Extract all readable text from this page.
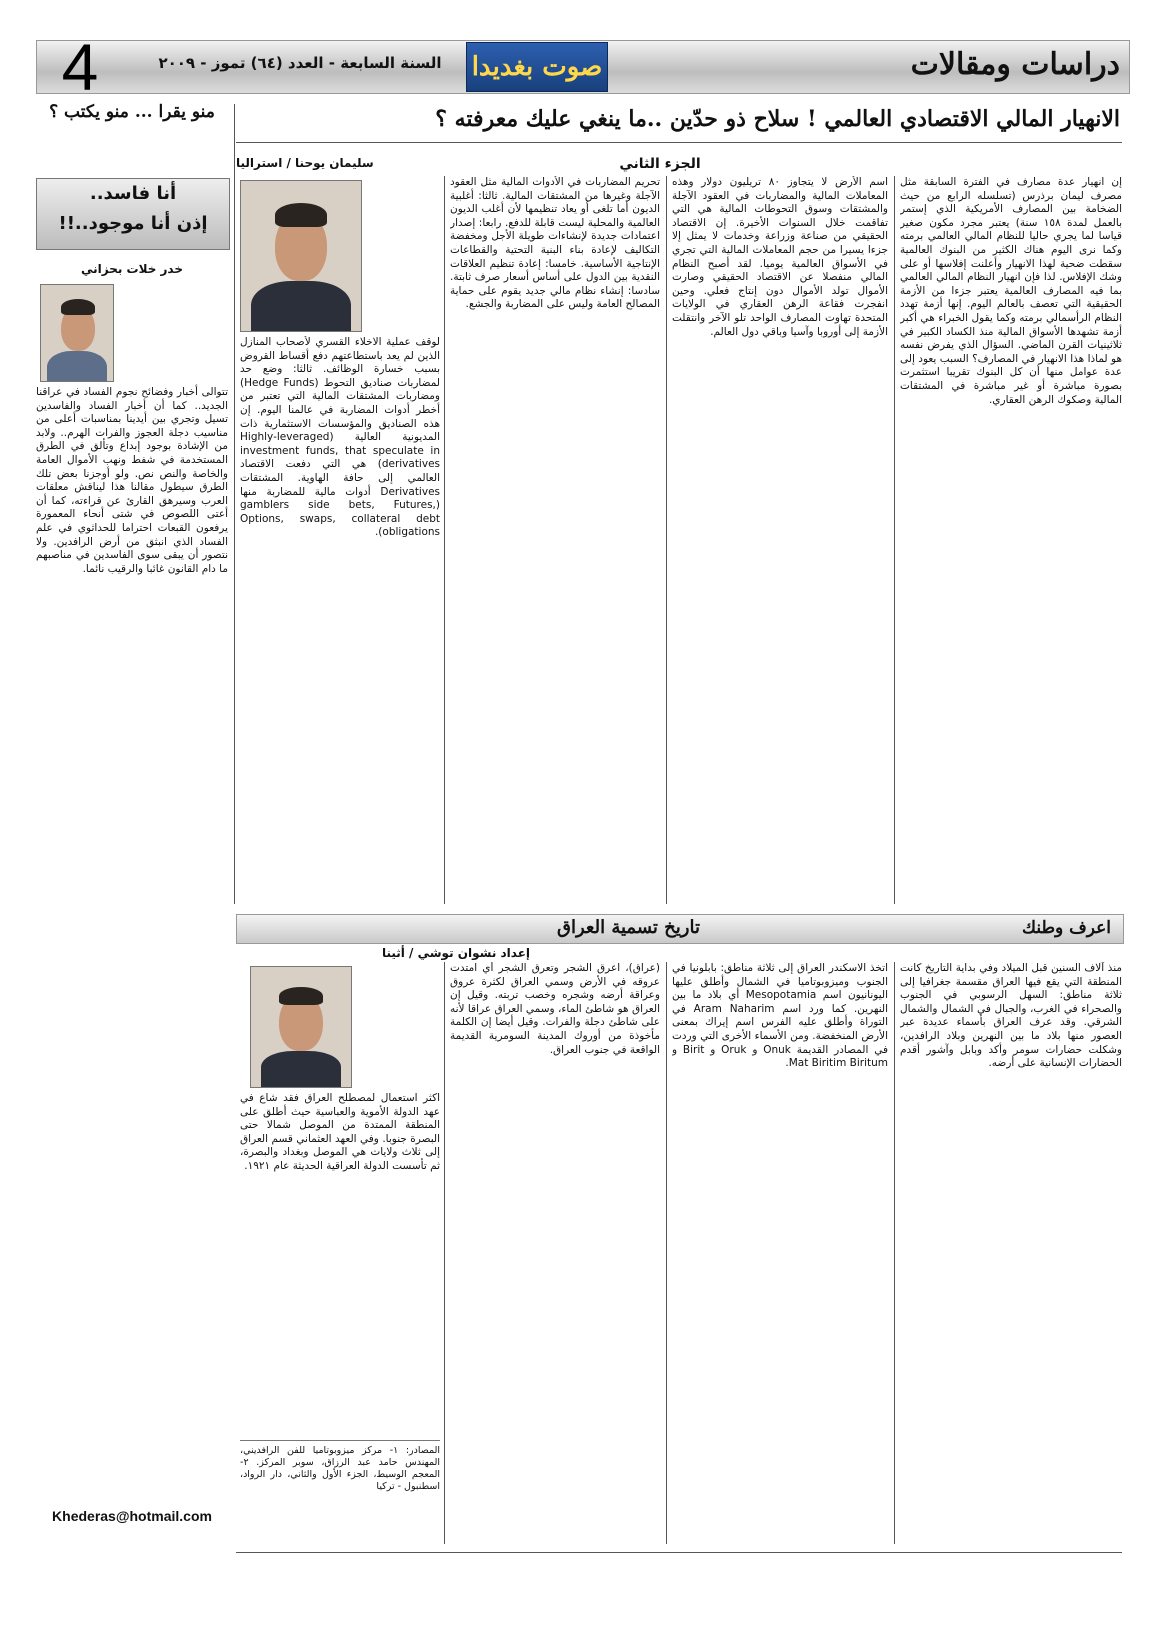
4	السنة السابعة - العدد (٦٤) تموز - ٢٠٠٩	صوت بغديدا	دراسات ومقالات
الانهيار المالي الاقتصادي العالمي ! سلاح ذو حدّين ..ما ينغي عليك معرفته ؟
الجزء الثاني
سليمان يوحنا / استراليا
إن انهيار عدة مصارف في الفترة السابقة مثل مصرف ليمان برذرس (تسلسله الرابع من حيث الضخامة بين المصارف الأمريكية الذي إستمر بالعمل لمدة ١٥٨ سنة) يعتبر مجرد مكون صغير قياسا لما يجري حاليا للنظام المالي العالمي برمته وكما نرى اليوم هناك الكثير من البنوك العالمية سقطت ضحية لهذا الانهيار وأعلنت إفلاسها أو على وشك الإفلاس. لذا فإن انهيار النظام المالي العالمي بما فيه المصارف العالمية يعتبر جزءا من الأزمة الحقيقية التي تعصف بالعالم اليوم. إنها أزمة تهدد النظام الرأسمالي برمته وكما يقول الخبراء هي أكبر أزمة تشهدها الأسواق المالية منذ الكساد الكبير في ثلاثينيات القرن الماضي. السؤال الذي يفرض نفسه هو لماذا هذا الانهيار في المصارف؟ السبب يعود إلى عدة عوامل منها أن كل البنوك تقريبا استثمرت بصورة مباشرة أو غير مباشرة في المشتقات المالية وصكوك الرهن العقاري.
اسم الأرض لا يتجاوز ٨٠ تريليون دولار وهذه المعاملات المالية والمضاربات في العقود الآجلة والمشتقات وسوق التحوطات المالية هي التي تفاقمت خلال السنوات الأخيرة. إن الاقتصاد الحقيقي من صناعة وزراعة وخدمات لا يمثل إلا جزءا يسيرا من حجم المعاملات المالية التي تجري في الأسواق العالمية يوميا. لقد أصبح النظام المالي منفصلا عن الاقتصاد الحقيقي وصارت الأموال تولد الأموال دون إنتاج فعلي. وحين انفجرت فقاعة الرهن العقاري في الولايات المتحدة تهاوت المصارف الواحد تلو الآخر وانتقلت الأزمة إلى أوروبا وآسيا وباقي دول العالم.
تحريم المضاربات في الأدوات المالية مثل العقود الآجلة وغيرها من المشتقات المالية. ثالثا: أغلبية الديون أما تلغى أو يعاد تنظيمها لأن أغلب الديون العالمية والمحلية ليست قابلة للدفع. رابعا: إصدار اعتمادات جديدة لإنشاءات طويلة الأجل ومخفضة التكاليف لإعادة بناء البنية التحتية والقطاعات الإنتاجية الأساسية. خامسا: إعادة تنظيم العلاقات النقدية بين الدول على أساس أسعار صرف ثابتة. سادسا: إنشاء نظام مالي جديد يقوم على حماية المصالح العامة وليس على المضاربة والجشع.
لوقف عملية الاخلاء القسري لأصحاب المنازل الذين لم يعد باستطاعتهم دفع أقساط القروض بسبب خسارة الوظائف. ثالثا: وضع حد لمضاربات صناديق التحوط (Hedge Funds) ومضاربات المشتقات المالية التي تعتبر من أخطر أدوات المضاربة في عالمنا اليوم. إن هذه الصناديق والمؤسسات الاستثمارية ذات المديونية العالية (Highly-leveraged investment funds, that speculate in derivatives) هي التي دفعت الاقتصاد العالمي إلى حافة الهاوية. المشتقات Derivatives أدوات مالية للمضاربة منها (gamblers side bets, Futures, Options, swaps, collateral debt obligations).
منو يقرا ... منو يكتب ؟
أنا فاسد..
إذن أنا موجود..!!
خدر خلات بحزاني
تتوالى أخبار وفضائح نجوم الفساد في عراقنا الجديد.. كما أن أخبار الفساد والفاسدين تسيل وتجري بين أيدينا بمناسبات أعلى من مناسيب دجلة العجوز والفرات الهرم.. ولابد من الإشادة بوجود إبداع وتألق في الطرق المستخدمة في شفط ونهب الأموال العامة والخاصة والنص نص. ولو أوجزنا بعض تلك الطرق سيطول مقالنا هذا ليناقش معلقات العرب وسيرهق القارئ عن قراءته، كما أن أعتى اللصوص في شتى أنحاء المعمورة يرفعون القبعات احتراما للحداثوي في علم الفساد الذي انبثق من أرض الرافدين. ولا نتصور أن يبقى سوى الفاسدين في مناصبهم ما دام القانون غائبا والرقيب نائما.
Khederas@hotmail.com
اعرف وطنك
تاريخ تسمية العراق
إعداد نشوان توشي / أثينا
منذ آلاف السنين قبل الميلاد وفي بداية التاريخ كانت المنطقة التي يقع فيها العراق مقسمة جغرافيا إلى ثلاثة مناطق: السهل الرسوبي في الجنوب والصحراء في الغرب، والجبال في الشمال والشمال الشرقي. وقد عرف العراق بأسماء عديدة عبر العصور منها بلاد ما بين النهرين وبلاد الرافدين، وشكلت حضارات سومر وأكد وبابل وآشور أقدم الحضارات الإنسانية على أرضه.
اتخذ الاسكندر العراق إلى ثلاثة مناطق: بابلونيا في الجنوب وميزوبوتاميا في الشمال وأطلق عليها اليونانيون اسم Mesopotamia أي بلاد ما بين النهرين. كما ورد اسم Aram Naharim في التوراة وأطلق عليه الفرس اسم إيراك بمعنى الأرض المنخفضة. ومن الأسماء الأخرى التي وردت في المصادر القديمة Onuk و Oruk و Birit و Mat Biritim Biritum.
(عراق)، اعرق الشجر وتعرق الشجر أي امتدت عروقه في الأرض وسمي العراق لكثرة عروق وعراقة أرضه وشجره وخصب تربته. وقيل إن العراق هو شاطئ الماء، وسمي العراق عراقا لأنه على شاطئ دجلة والفرات. وقيل أيضا إن الكلمة مأخوذة من أوروك المدينة السومرية القديمة الواقعة في جنوب العراق.
اكثر استعمال لمصطلح العراق فقد شاع في عهد الدولة الأموية والعباسية حيث أطلق على المنطقة الممتدة من الموصل شمالا حتى البصرة جنوبا. وفي العهد العثماني قسم العراق إلى ثلاث ولايات هي الموصل وبغداد والبصرة، ثم تأسست الدولة العراقية الحديثة عام ١٩٢١.
المصادر: ١- مركز ميزوبوتاميا للفن الرافديني، المهندس حامد عبد الرزاق، سوبر المركز. ٢- المعجم الوسيط، الجزء الأول والثاني، دار الرواد، اسطنبول - تركيا
